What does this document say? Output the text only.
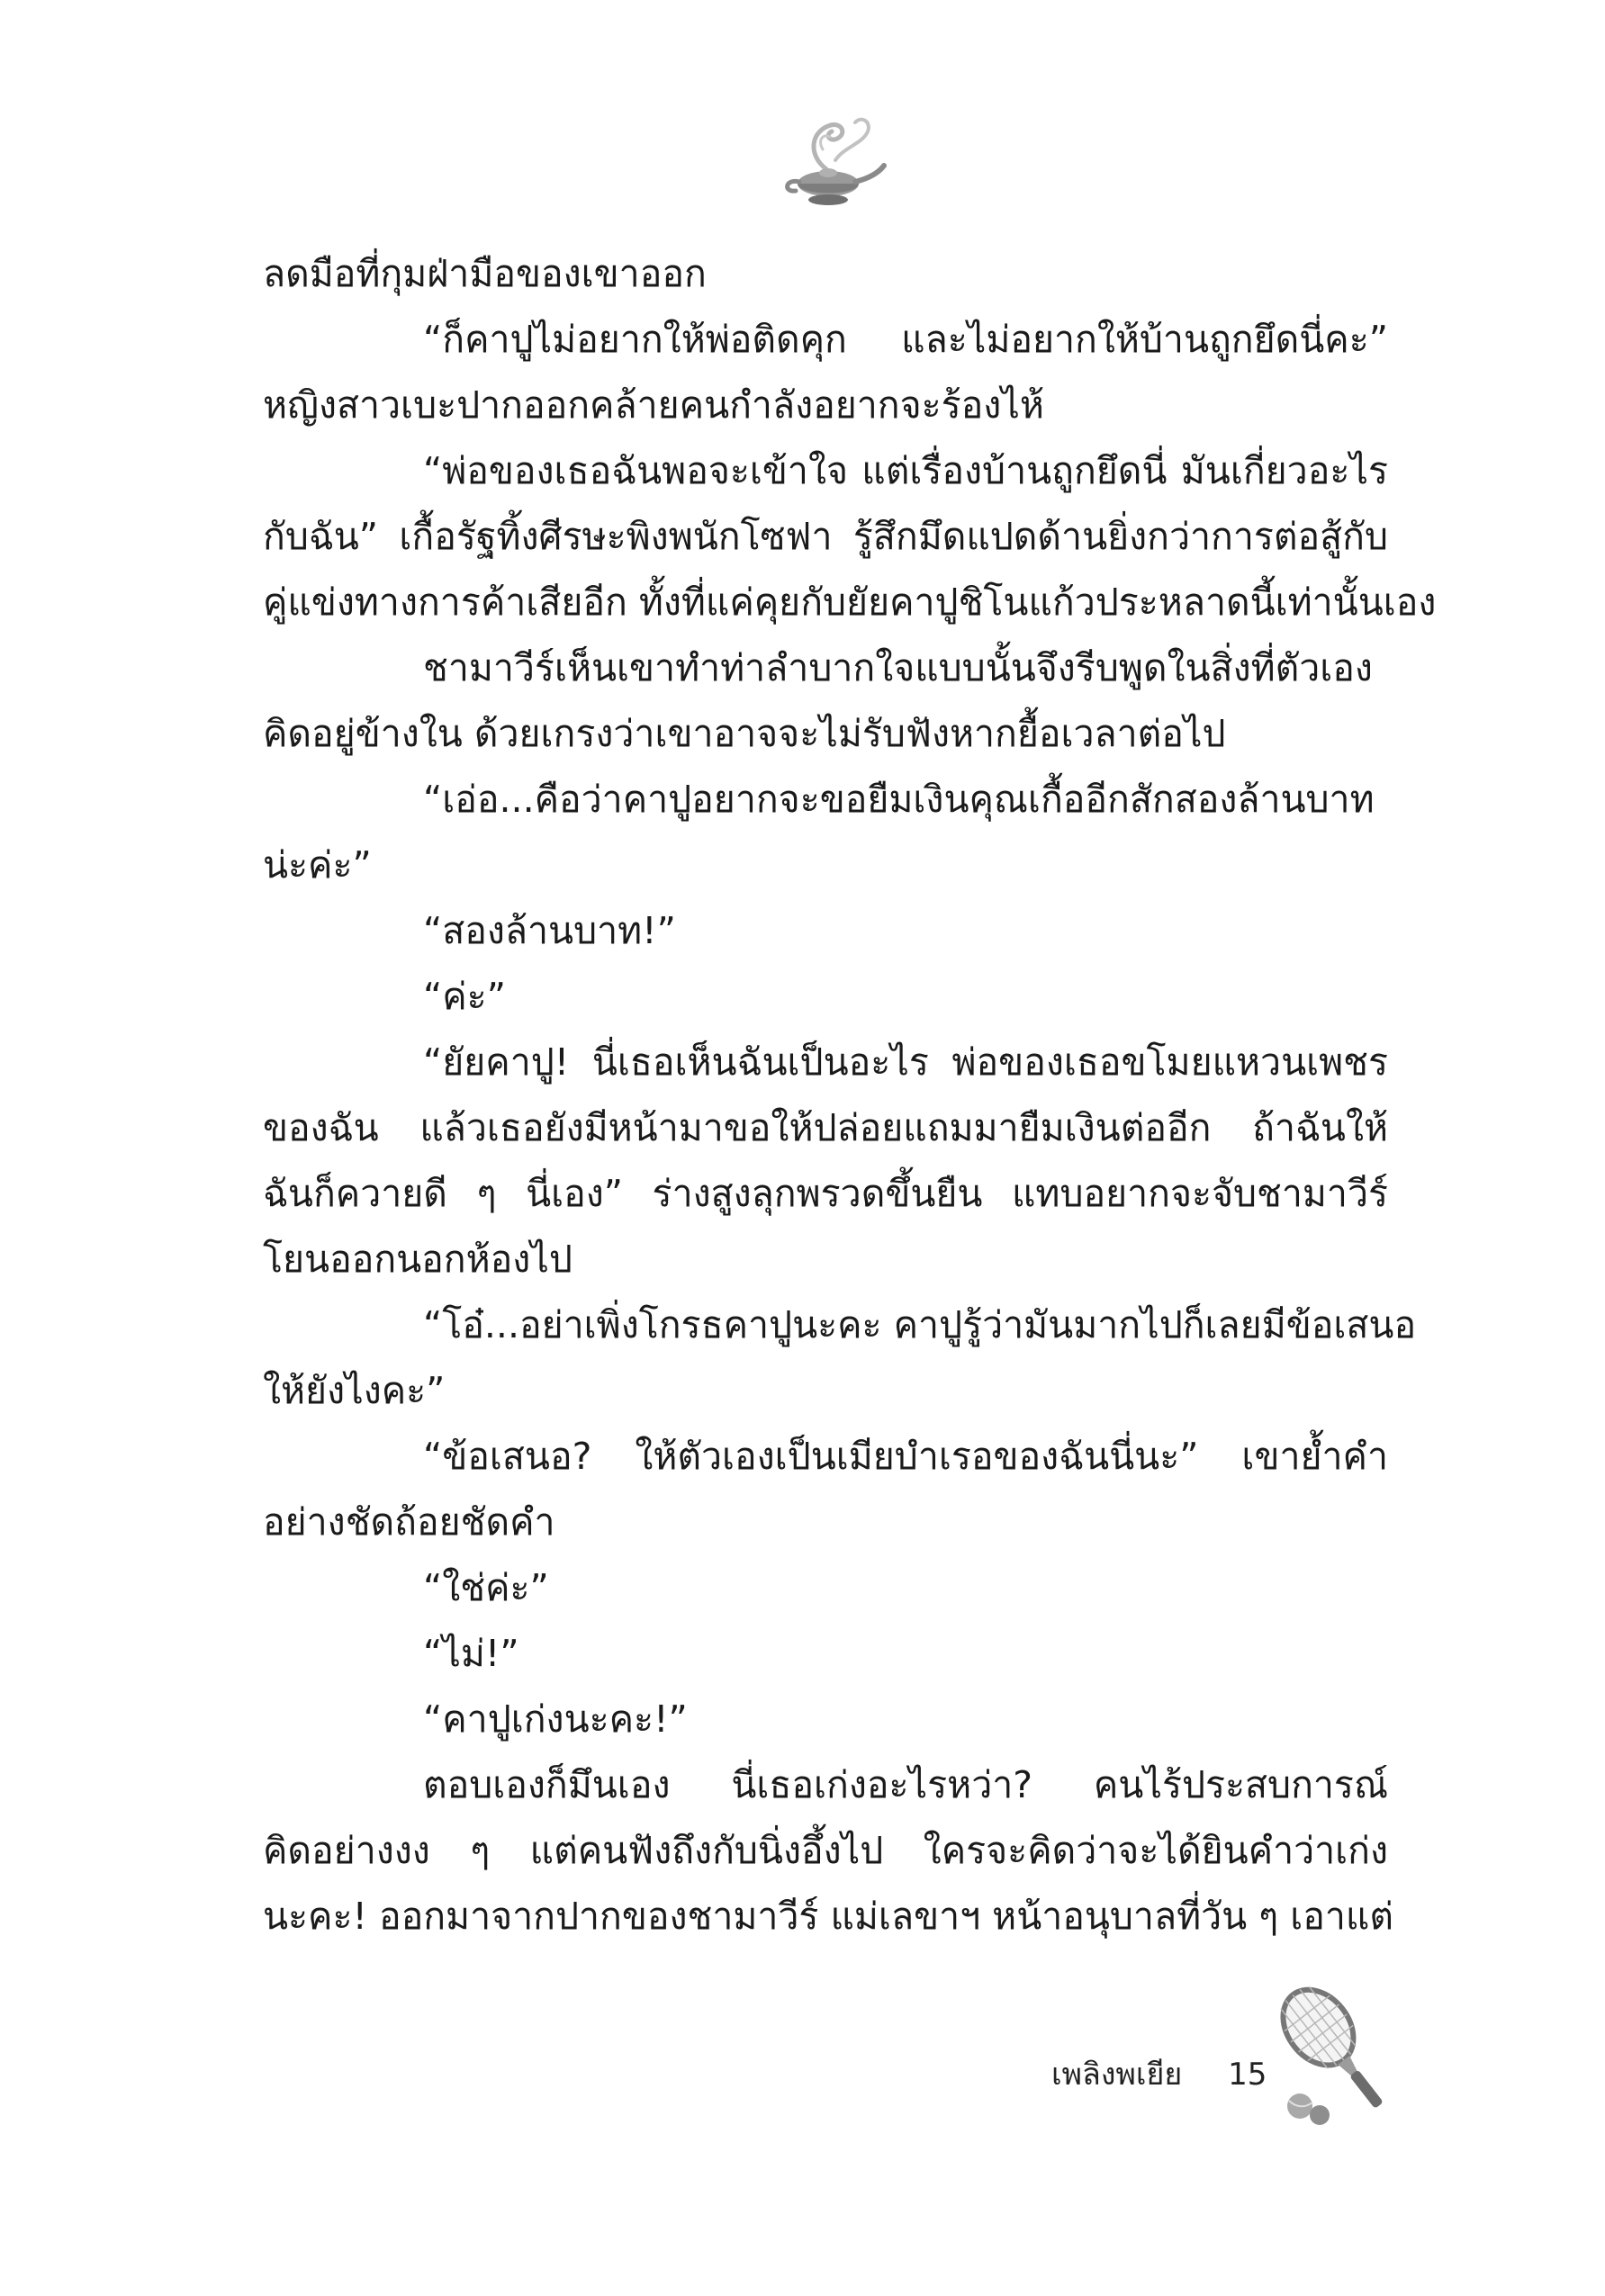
ลดมือที่กุมฝ่ามือของเขาออก
“ก็คาปูไม่อยากให้พ่อติดคุก และไม่อยากให้บ้านถูกยึดนี่คะ”
หญิงสาวเบะปากออกคล้ายคนกำลังอยากจะร้องไห้
“พ่อของเธอฉันพอจะเข้าใจ แต่เรื่องบ้านถูกยึดนี่ มันเกี่ยวอะไร
กับฉัน” เกื้อรัฐทิ้งศีรษะพิงพนักโซฟา รู้สึกมึดแปดด้านยิ่งกว่าการต่อสู้กับ
คู่แข่งทางการค้าเสียอีก ทั้งที่แค่คุยกับยัยคาปูชิโนแก้วประหลาดนี้เท่านั้นเอง
ชามาวีร์เห็นเขาทำท่าลำบากใจแบบนั้นจึงรีบพูดในสิ่งที่ตัวเอง
คิดอยู่ข้างใน ด้วยเกรงว่าเขาอาจจะไม่รับฟังหากยื้อเวลาต่อไป
“เอ่อ...คือว่าคาปูอยากจะขอยืมเงินคุณเกื้ออีกสักสองล้านบาท
น่ะค่ะ”
“สองล้านบาท!”
“ค่ะ”
“ยัยคาปู! นี่เธอเห็นฉันเป็นอะไร พ่อของเธอขโมยแหวนเพชร
ของฉัน แล้วเธอยังมีหน้ามาขอให้ปล่อยแถมมายืมเงินต่ออีก ถ้าฉันให้
ฉันก็ควายดี ๆ นี่เอง” ร่างสูงลุกพรวดขึ้นยืน แทบอยากจะจับชามาวีร์
โยนออกนอกห้องไป
“โอ๋...อย่าเพิ่งโกรธคาปูนะคะ คาปูรู้ว่ามันมากไปก็เลยมีข้อเสนอ
ให้ยังไงคะ”
“ข้อเสนอ? ให้ตัวเองเป็นเมียบำเรอของฉันนี่นะ” เขาย้ำคำ
อย่างชัดถ้อยชัดคำ
“ใช่ค่ะ”
“ไม่!”
“คาปูเก่งนะคะ!”
ตอบเองก็มึนเอง นี่เธอเก่งอะไรหว่า? คนไร้ประสบการณ์
คิดอย่างงง ๆ แต่คนฟังถึงกับนิ่งอึ้งไป ใครจะคิดว่าจะได้ยินคำว่าเก่ง
นะคะ! ออกมาจากปากของชามาวีร์ แม่เลขาฯ หน้าอนุบาลที่วัน ๆ เอาแต่
เพลิงพเยีย 15
